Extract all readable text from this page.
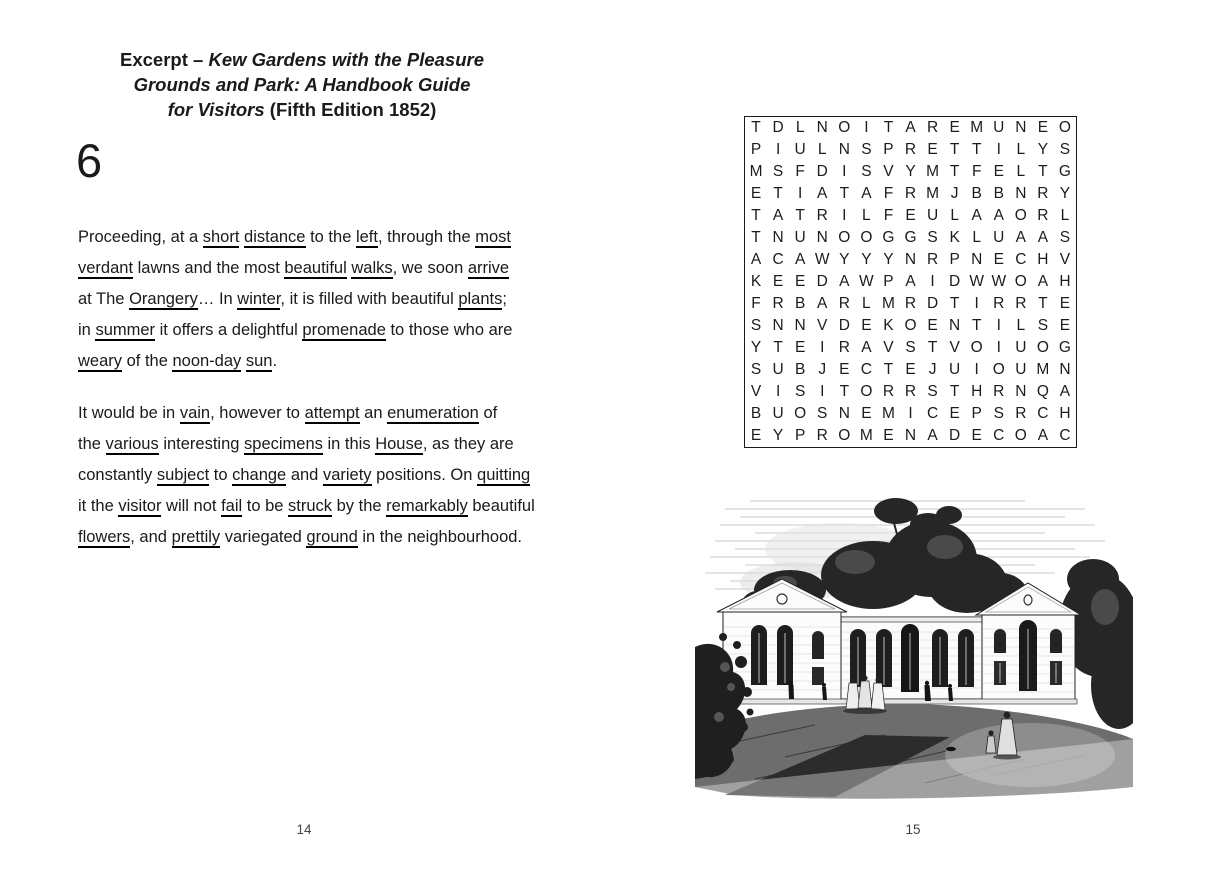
Excerpt – Kew Gardens with the Pleasure
Grounds and Park: A Handbook Guide
for Visitors (Fifth Edition 1852)
6
Proceeding, at a short distance to the left, through the most
verdant lawns and the most beautiful walks, we soon arrive
at The Orangery… In winter, it is filled with beautiful plants;
in summer it offers a delightful promenade to those who are
weary of the noon-day sun.
It would be in vain, however to attempt an enumeration of
the various interesting specimens in this House, as they are
constantly subject to change and variety positions. On quitting
it the visitor will not fail to be struck by the remarkably beautiful
flowers, and prettily variegated ground in the neighbourhood.
14
T D L N O I T A R E M U N E O
P I U L N S P R E T T I	L Y S
M S F D I S V Y M T F E L T G
E T I A T A F R M J B B N R Y
T A T R I	L F E U L A A O R L
T N U N O O G G S K L U A A S
A C A W Y Y Y N R P N E C H V
K E E D A W P A I D W W O A H
F R B A R L M R D T I R R T E
S N N V D E K O E N T I	L S E
Y T E I R A V S T V O I U O G
S U B J E C T E J U I O U M N
V I S I T O R R S T H R N Q A
B U O S N E M I C E P S R C H
E Y P R O M E N A D E C O A C
15
